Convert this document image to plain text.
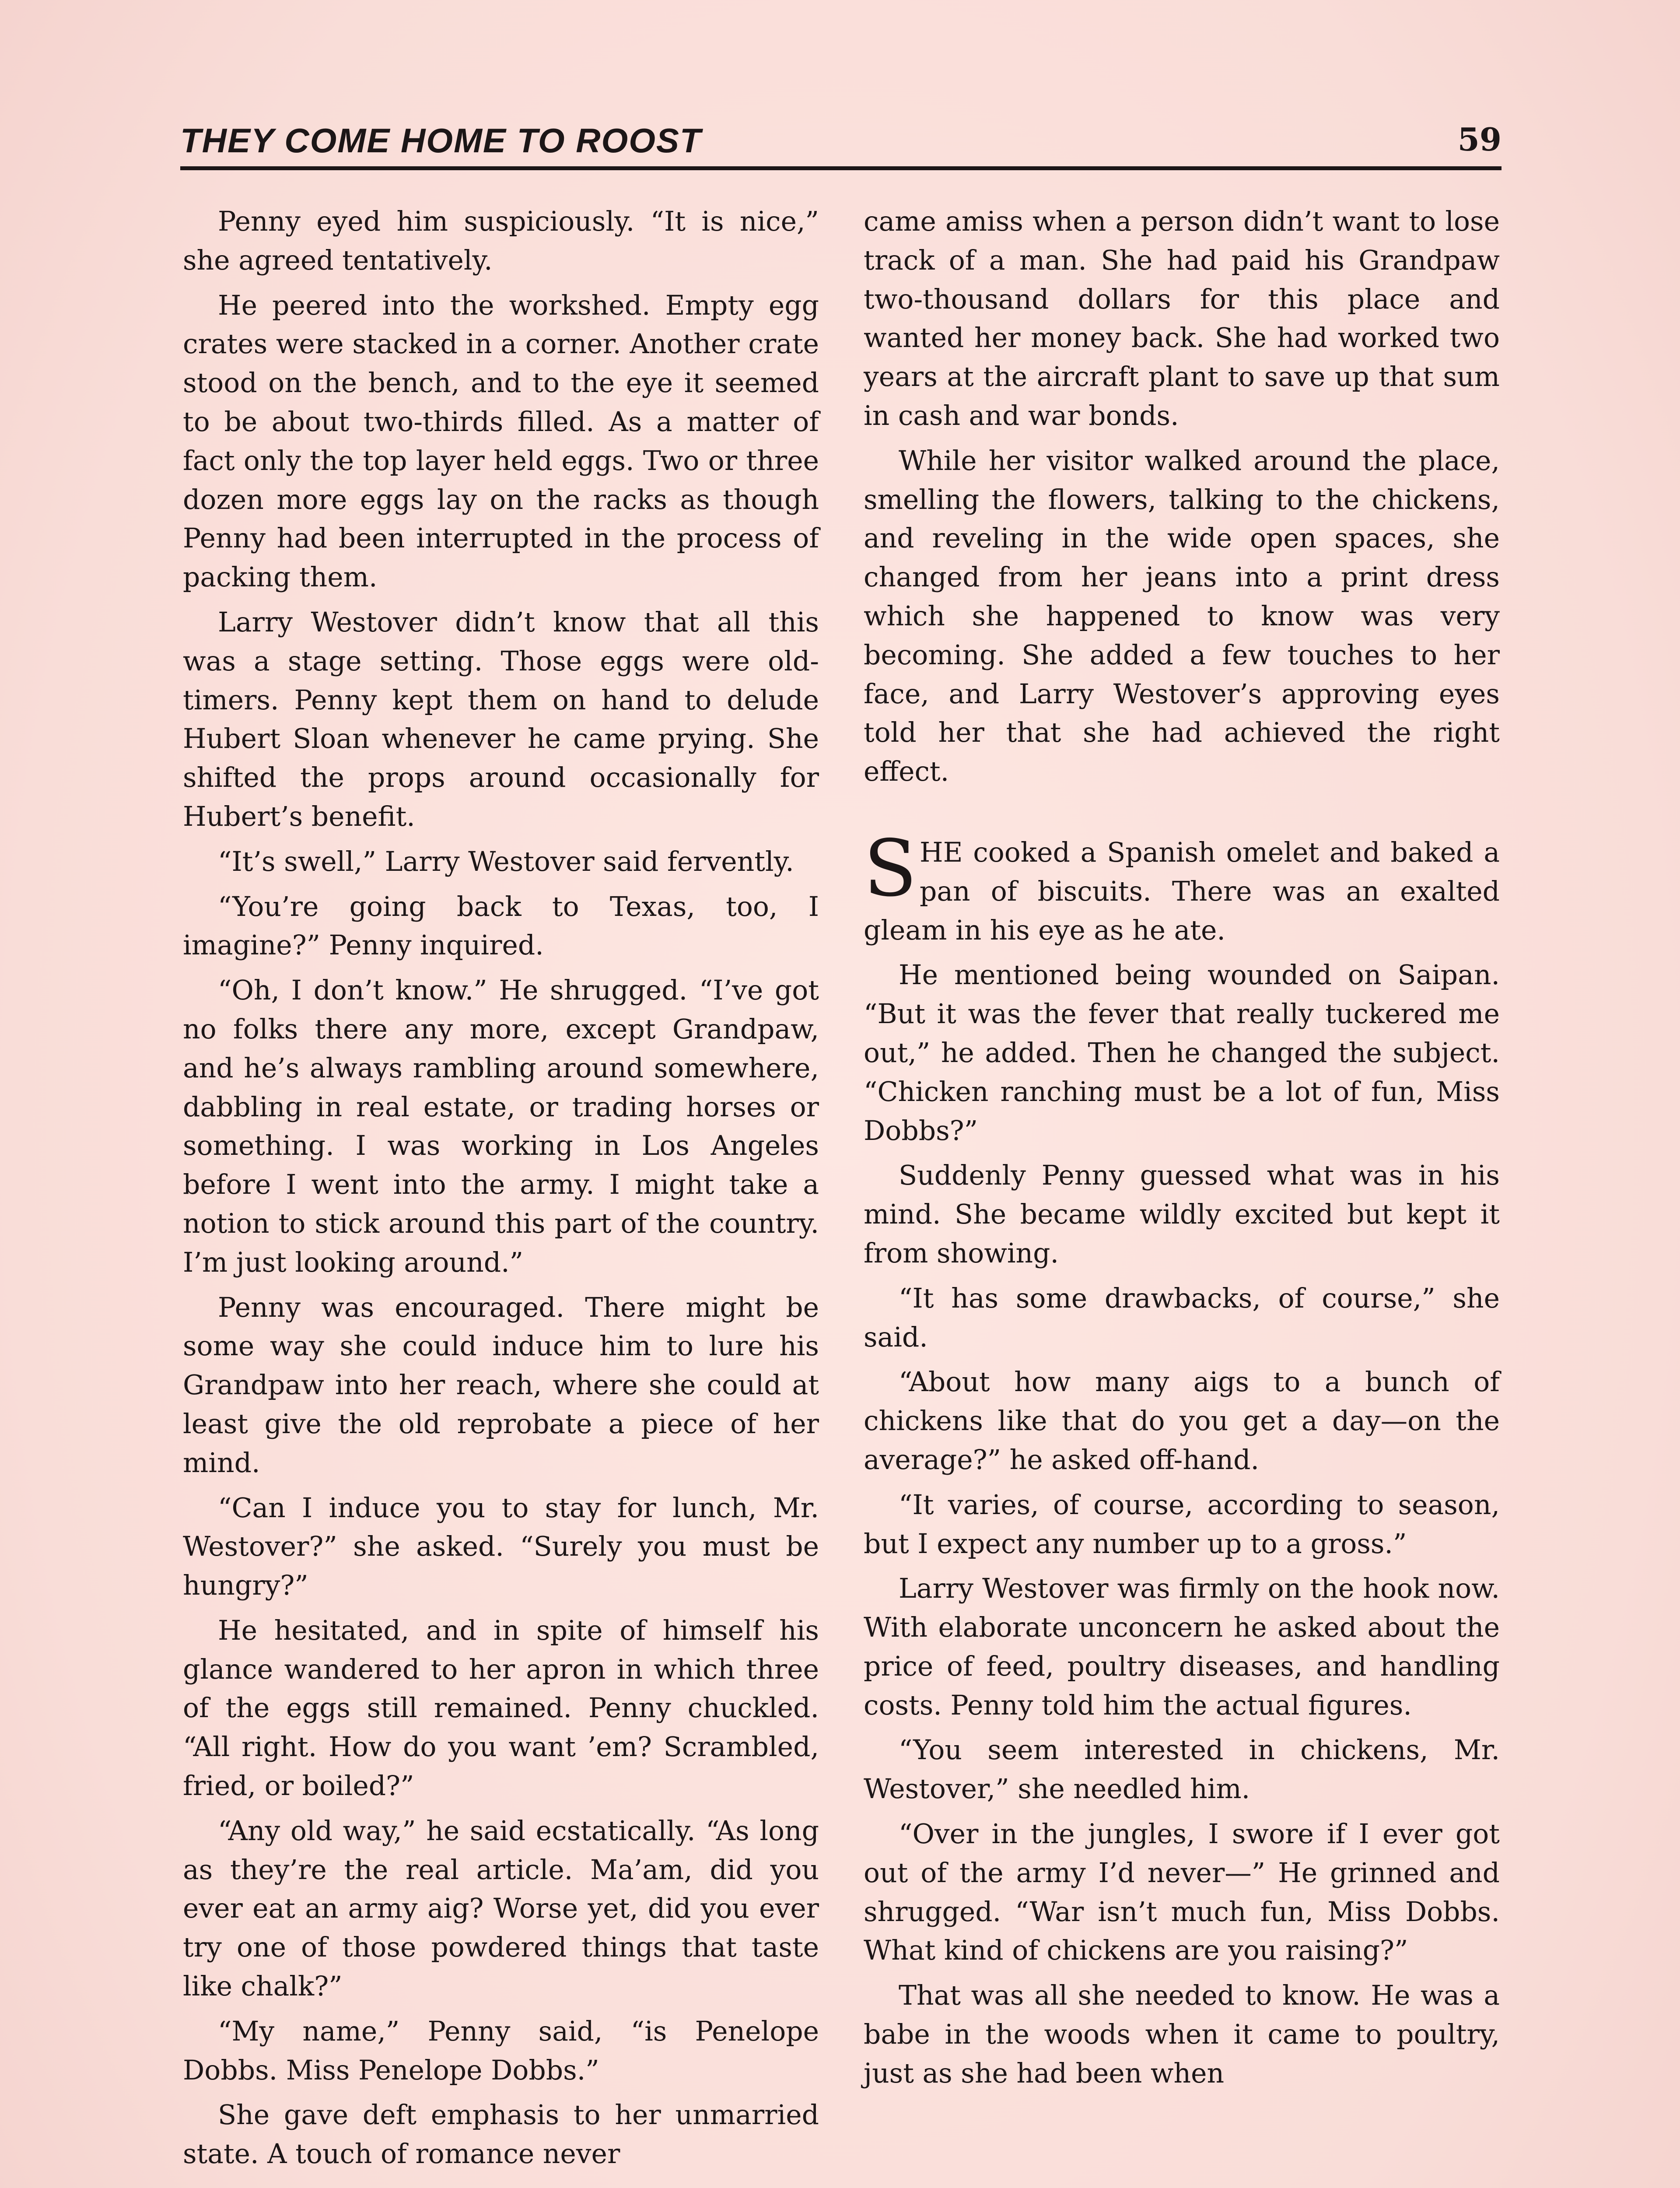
THEY COME HOME TO ROOST	59

Penny eyed him suspiciously. “It is nice,” she agreed tentatively.

He peered into the workshed. Empty egg crates were stacked in a corner. Another crate stood on the bench, and to the eye it seemed to be about two-thirds filled. As a matter of fact only the top layer held eggs. Two or three dozen more eggs lay on the racks as though Penny had been interrupted in the process of packing them.

Larry Westover didn’t know that all this was a stage setting. Those eggs were old-timers. Penny kept them on hand to delude Hubert Sloan whenever he came prying. She shifted the props around occasionally for Hubert’s benefit.

“It’s swell,” Larry Westover said fervently.

“You’re going back to Texas, too, I imagine?” Penny inquired.

“Oh, I don’t know.” He shrugged. “I’ve got no folks there any more, except Grandpaw, and he’s always rambling around somewhere, dabbling in real estate, or trading horses or something. I was working in Los Angeles before I went into the army. I might take a notion to stick around this part of the country. I’m just looking around.”

Penny was encouraged. There might be some way she could induce him to lure his Grandpaw into her reach, where she could at least give the old reprobate a piece of her mind.

“Can I induce you to stay for lunch, Mr. Westover?” she asked. “Surely you must be hungry?”

He hesitated, and in spite of himself his glance wandered to her apron in which three of the eggs still remained. Penny chuckled. “All right. How do you want ’em? Scrambled, fried, or boiled?”

“Any old way,” he said ecstatically. “As long as they’re the real article. Ma’am, did you ever eat an army aig? Worse yet, did you ever try one of those powdered things that taste like chalk?”

“My name,” Penny said, “is Penelope Dobbs. Miss Penelope Dobbs.”

She gave deft emphasis to her unmarried state. A touch of romance never

came amiss when a person didn’t want to lose track of a man. She had paid his Grandpaw two-thousand dollars for this place and wanted her money back. She had worked two years at the aircraft plant to save up that sum in cash and war bonds.

While her visitor walked around the place, smelling the flowers, talking to the chickens, and reveling in the wide open spaces, she changed from her jeans into a print dress which she happened to know was very becoming. She added a few touches to her face, and Larry Westover’s approving eyes told her that she had achieved the right effect.

SHE cooked a Spanish omelet and baked a pan of biscuits. There was an exalted gleam in his eye as he ate.

He mentioned being wounded on Saipan. “But it was the fever that really tuckered me out,” he added. Then he changed the subject. “Chicken ranching must be a lot of fun, Miss Dobbs?”

Suddenly Penny guessed what was in his mind. She became wildly excited but kept it from showing.

“It has some drawbacks, of course,” she said.

“About how many aigs to a bunch of chickens like that do you get a day—on the average?” he asked off-hand.

“It varies, of course, according to season, but I expect any number up to a gross.”

Larry Westover was firmly on the hook now. With elaborate unconcern he asked about the price of feed, poultry diseases, and handling costs. Penny told him the actual figures.

“You seem interested in chickens, Mr. Westover,” she needled him.

“Over in the jungles, I swore if I ever got out of the army I’d never—” He grinned and shrugged. “War isn’t much fun, Miss Dobbs. What kind of chickens are you raising?”

That was all she needed to know. He was a babe in the woods when it came to poultry, just as she had been when
